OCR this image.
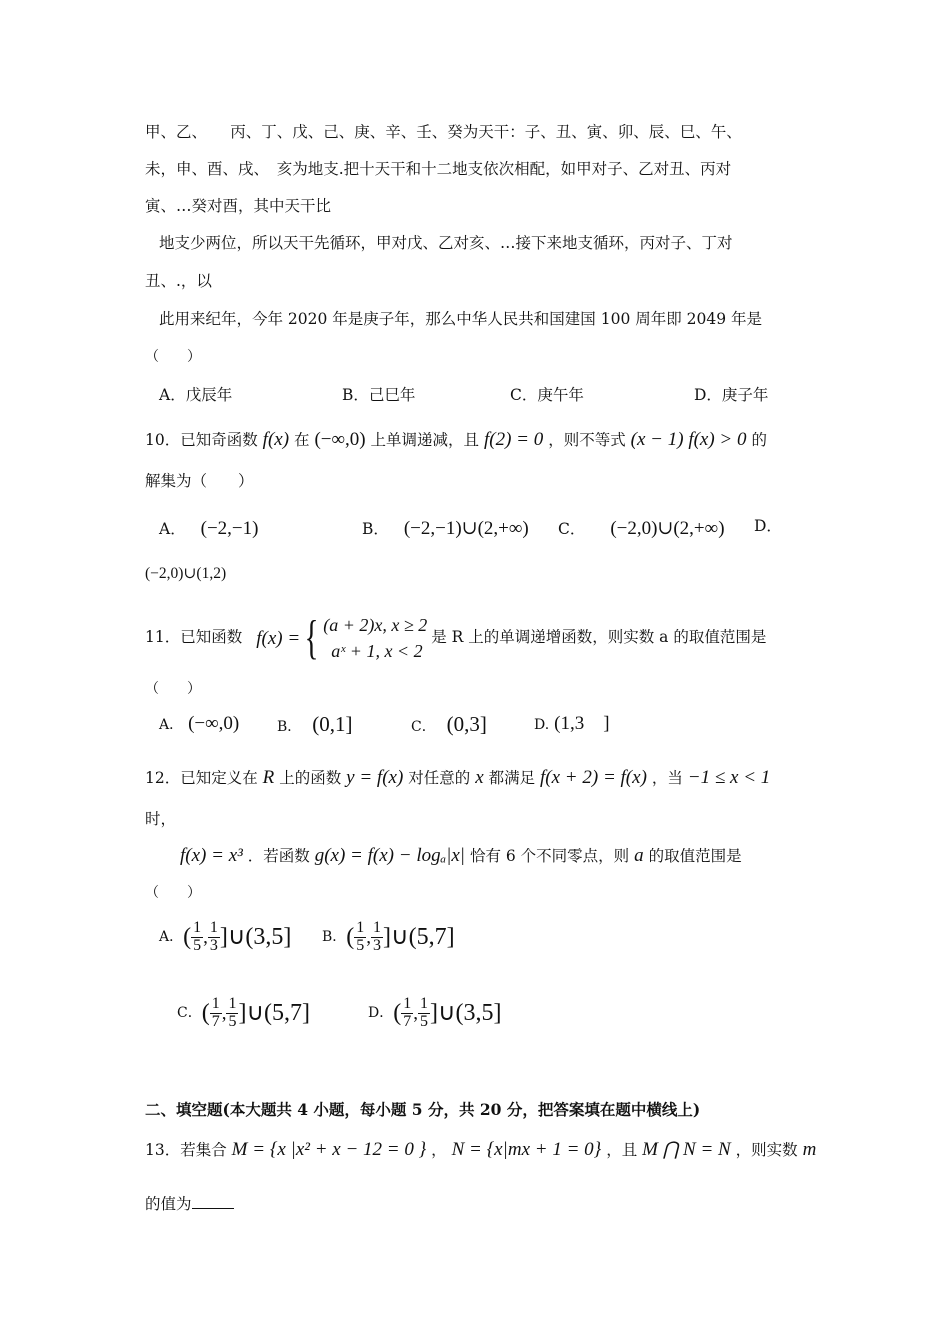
甲、乙、　　丙、丁、戊、己、庚、辛、壬、癸为天干：子、丑、寅、卯、辰、巳、午、
未，申、酉、戌、　亥为地支.把十天干和十二地支依次相配，如甲对子、乙对丑、丙对
寅、…癸对酉，其中天干比
地支少两位，所以天干先循环，甲对戊、乙对亥、…接下来地支循环，丙对子、丁对
丑、.，以
此用来纪年，今年 2020 年是庚子年，那么中华人民共和国建国 100 周年即 2049 年是
（　　）
A．戊辰年	B．己巳年	C．庚午年	D．庚子年
10．已知奇函数 f(x) 在 (−∞,0) 上单调递减，且 f(2) = 0 ，则不等式 (x − 1) f(x) > 0 的
解集为（　　）
A． (−2,−1)	B． (−2,−1)∪(2,+∞) C． (−2,0)∪(2,+∞) D．
(−2,0)∪(1,2)
11．已知函数 f(x) = { (a + 2)x, x ≥ 2
aˣ + 1, x < 2
是 R 上的单调递增函数，则实数 a 的取值范围是
（　　）
A． (−∞,0)	B． (0,1]	C． (0,3]	D. (1,3　]
12．已知定义在 R 上的函数 y = f(x) 对任意的 x 都满足 f(x + 2) = f(x) ，当 −1 ≤ x < 1
时，
f(x) = x³ ．若函数 g(x) = f(x) − logₐ|x| 恰有 6 个不同零点，则 a 的取值范围是
（　　）
A． ( $\frac{1}{5}$ , $\frac{1}{3}$ ]∪(3,5] B． ( $\frac{1}{5}$ , $\frac{1}{3}$ ]∪(5,7]
C． ( $\frac{1}{7}$ , $\frac{1}{5}$ ]∪(5,7]	D． ( $\frac{1}{7}$ , $\frac{1}{5}$ ]∪(3,5]
二、填空题(本大题共 4 小题，每小题 5 分，共 20 分，把答案填在题中横线上)
13．若集合 M = {x |x² + x − 12 = 0 } ， N = {x|mx + 1 = 0} ，且 M ⋂ N = N ，则实数 m
的值为
